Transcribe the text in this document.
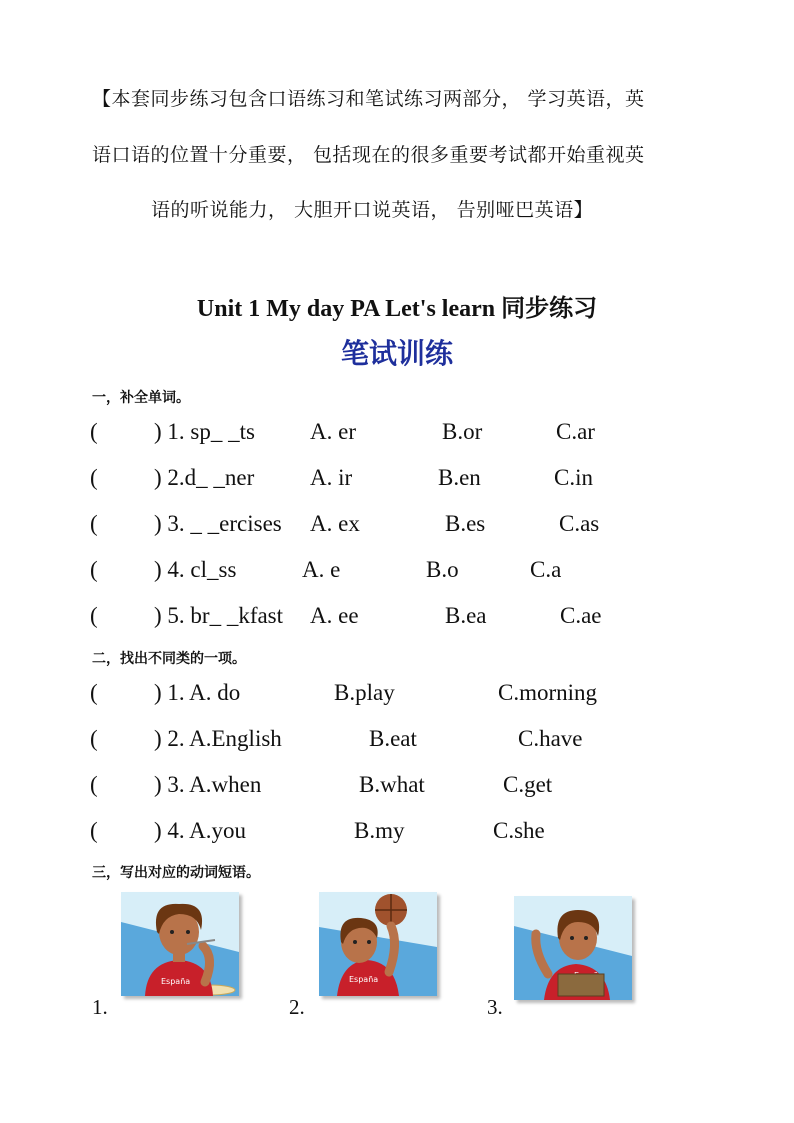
【本套同步练习包含口语练习和笔试练习两部分， 学习英语，英
语口语的位置十分重要， 包括现在的很多重要考试都开始重视英
语的听说能力， 大胆开口说英语， 告别哑巴英语】
Unit 1 My day PA Let's learn 同步练习
笔试训练
一，补全单词。
( ) 1. sp_ _ts A. er	B.or	C.ar
( ) 2.d_ _ner A. ir	B.en	C.in
( ) 3. _ _ercises A. ex	B.es	C.as
( ) 4. cl_ss	A. e	B.o	C.a
( ) 5. br_ _kfast A. ee	B.ea	C.ae
二，找出不同类的一项。
( ) 1. A. do	B.play	C.morning
( ) 2. A.English	B.eat	C.have
( ) 3. A.when	B.what	C.get
( ) 4. A.you	B.my	C.she
三，写出对应的动词短语。
España
1.
España
2.	3.
